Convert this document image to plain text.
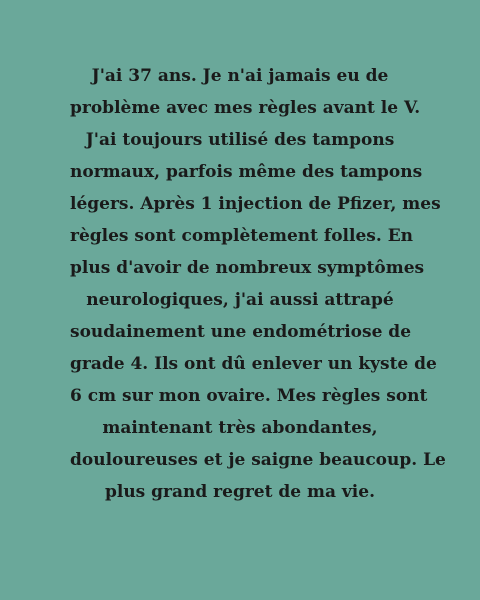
J'ai 37 ans. Je n'ai jamais eu de
problème avec mes règles avant le V.
J'ai toujours utilisé des tampons
normaux, parfois même des tampons
légers. Après 1 injection de Pfizer, mes
règles sont complètement folles. En
plus d'avoir de nombreux symptômes
neurologiques, j'ai aussi attrapé
soudainement une endométriose de
grade 4. Ils ont dû enlever un kyste de
6 cm sur mon ovaire. Mes règles sont
maintenant très abondantes,
douloureuses et je saigne beaucoup. Le
plus grand regret de ma vie.
